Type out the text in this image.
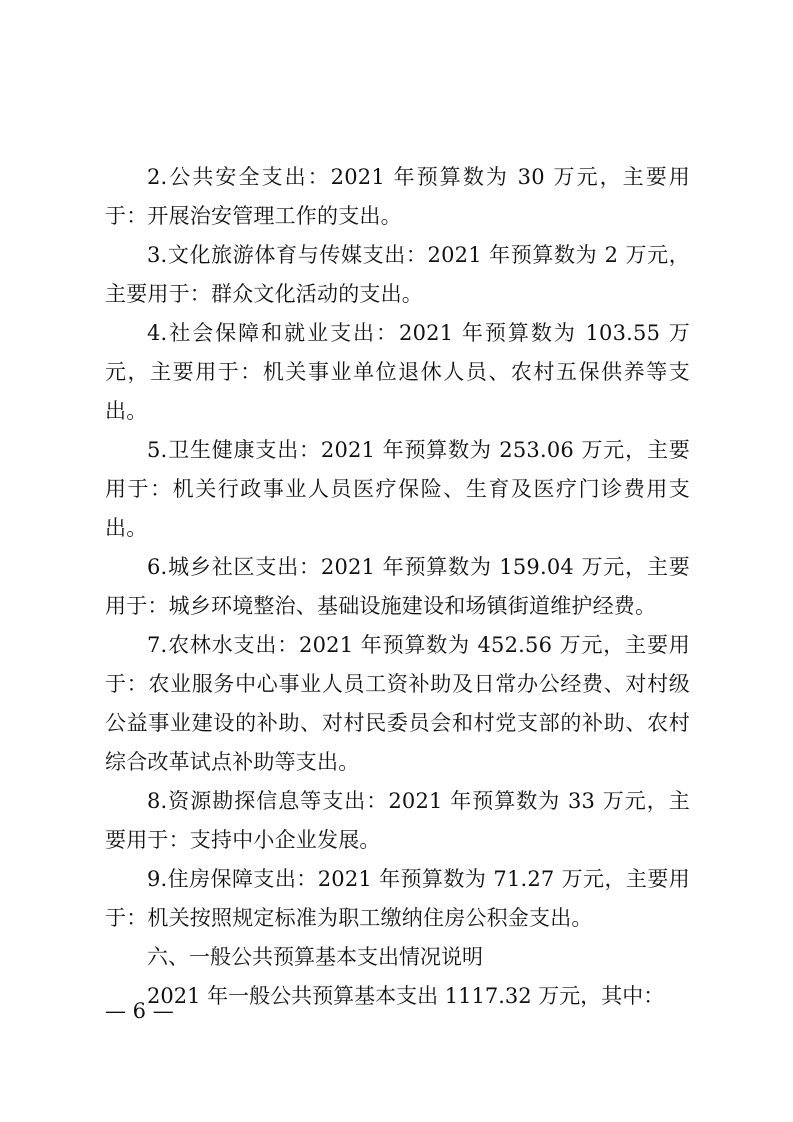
2.公共安全支出：2021 年预算数为 30 万元，主要用于：开展治安管理工作的支出。

3.文化旅游体育与传媒支出：2021 年预算数为 2 万元，主要用于：群众文化活动的支出。

4.社会保障和就业支出：2021 年预算数为 103.55 万元，主要用于：机关事业单位退休人员、农村五保供养等支出。

5.卫生健康支出：2021 年预算数为 253.06 万元，主要用于：机关行政事业人员医疗保险、生育及医疗门诊费用支出。

6.城乡社区支出：2021 年预算数为 159.04 万元，主要用于：城乡环境整治、基础设施建设和场镇街道维护经费。

7.农林水支出：2021 年预算数为 452.56 万元，主要用于：农业服务中心事业人员工资补助及日常办公经费、对村级公益事业建设的补助、对村民委员会和村党支部的补助、农村综合改革试点补助等支出。

8.资源勘探信息等支出：2021 年预算数为 33 万元，主要用于：支持中小企业发展。

9.住房保障支出：2021 年预算数为 71.27 万元，主要用于：机关按照规定标准为职工缴纳住房公积金支出。

六、一般公共预算基本支出情况说明

2021 年一般公共预算基本支出 1117.32 万元，其中：

— 6 —
